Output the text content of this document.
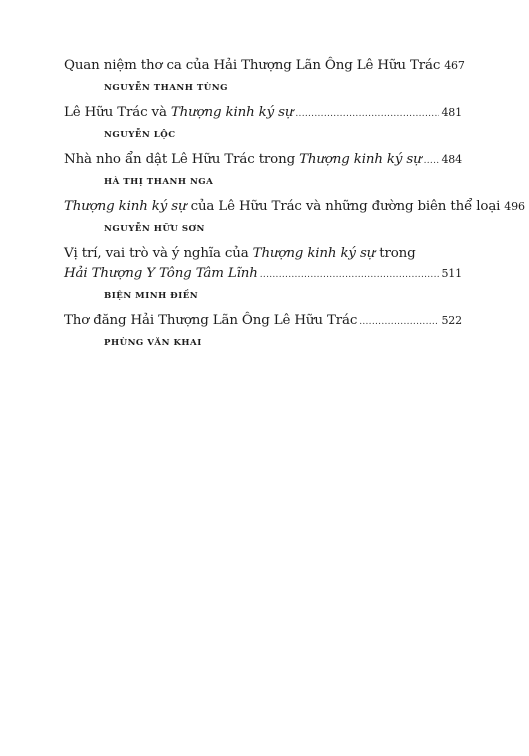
Quan niệm thơ ca của Hải Thượng Lãn Ông Lê Hữu Trác 467
NGUYỄN THANH TÙNG
Lê Hữu Trác và Thượng kinh ký sự .....	481
NGUYỄN LỘC
Nhà nho ẩn dật Lê Hữu Trác trong Thượng kinh ký sự ..... 484
HÀ THỊ THANH NGA
Thượng kinh ký sự của Lê Hữu Trác và những đường biên thể loại 496
NGUYỄN HỮU SƠN
Vị trí, vai trò và ý nghĩa của Thượng kinh ký sự trong
Hải Thượng Y Tông Tâm Lĩnh .....	511
BIỆN MINH ĐIỀN
Thơ đăng Hải Thượng Lãn Ông Lê Hữu Trác .....	522
PHÙNG VĂN KHAI
